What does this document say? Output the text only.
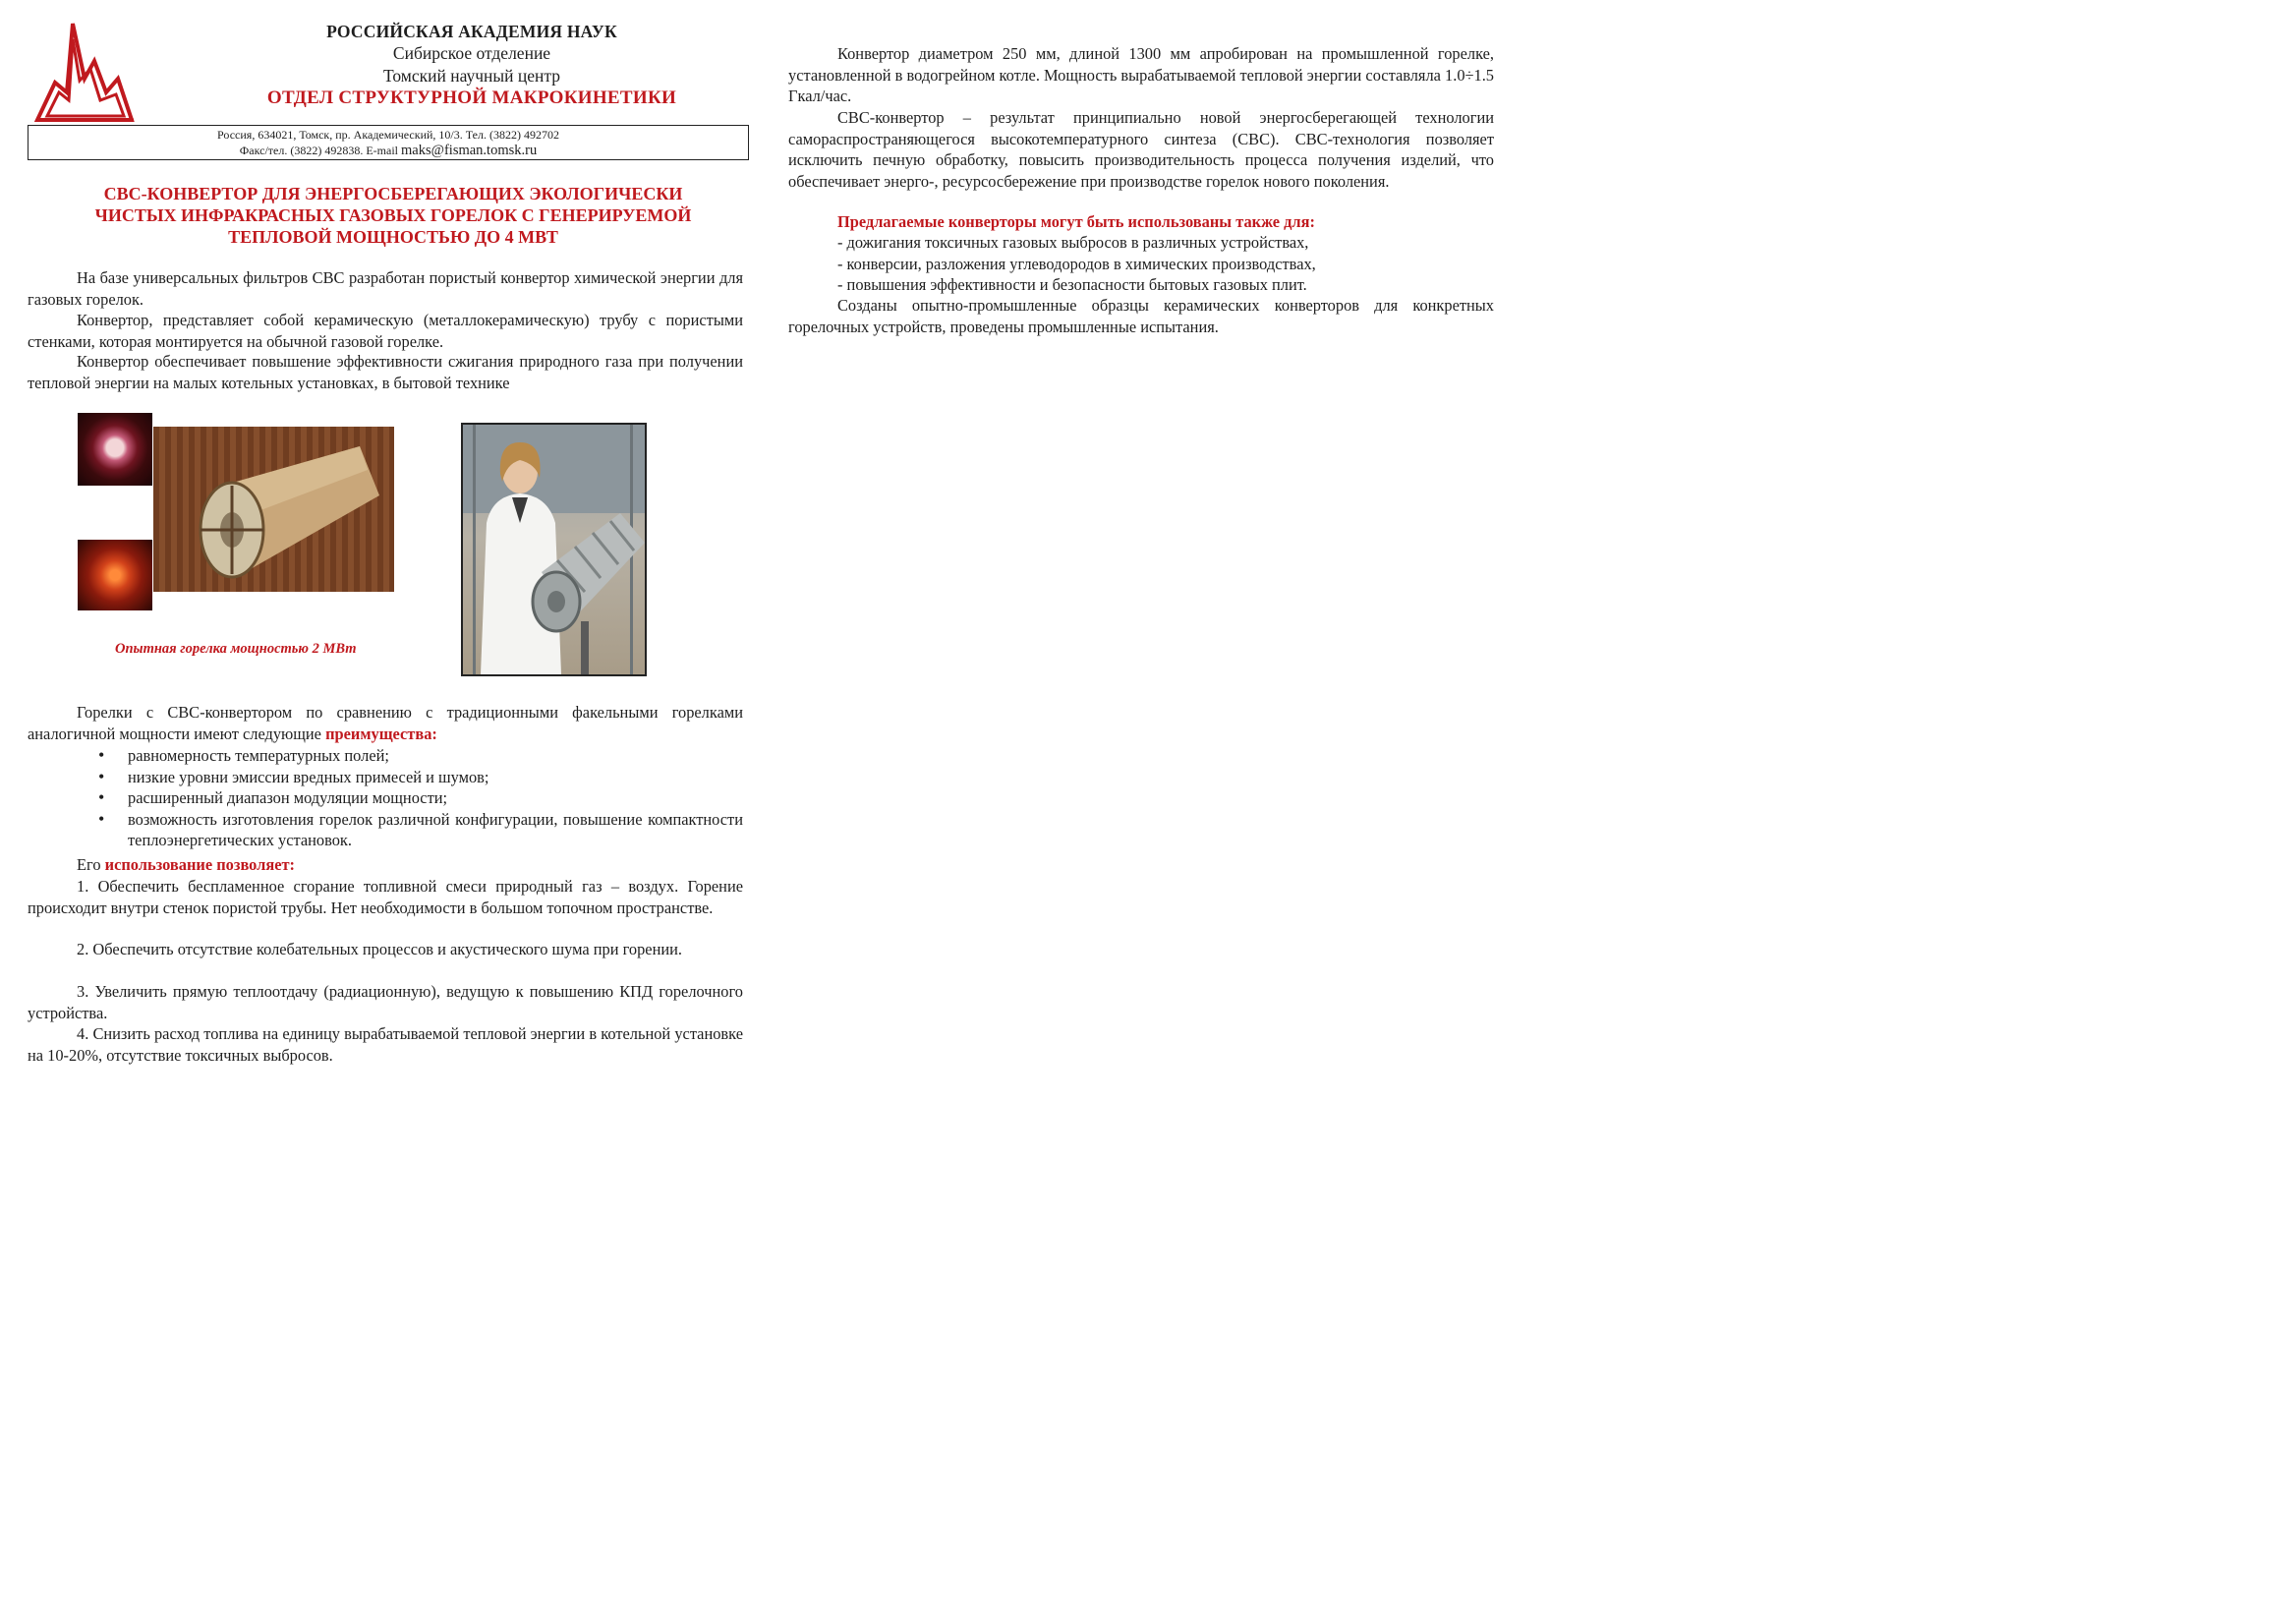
РОССИЙСКАЯ АКАДЕМИЯ НАУК
Сибирское отделение
Томский научный центр
ОТДЕЛ СТРУКТУРНОЙ МАКРОКИНЕТИКИ
Россия, 634021, Томск, пр. Академический, 10/3. Тел. (3822) 492702
Факс/тел. (3822) 492838. E-mail maks@fisman.tomsk.ru
СВС-КОНВЕРТОР ДЛЯ ЭНЕРГОСБЕРЕГАЮЩИХ ЭКОЛОГИЧЕСКИ
ЧИСТЫХ ИНФРАКРАСНЫХ ГАЗОВЫХ ГОРЕЛОК С ГЕНЕРИРУЕМОЙ
ТЕПЛОВОЙ МОЩНОСТЬЮ ДО 4 МВТ

На базе универсальных фильтров СВС разработан пористый конвертор химической энергии для газовых горелок.

Конвертор, представляет собой керамическую (металлокерамическую) трубу с пористыми стенками, которая монтируется на обычной газовой горелке.

Конвертор обеспечивает повышение эффективности сжигания природного газа при получении тепловой энергии на малых котельных установках, в бытовой технике

Опытная горелка мощностью 2 МВт

Горелки с СВС-конвертором по сравнению с традиционными факельными горелками аналогичной мощности имеют следующие преимущества:

• равномерность температурных полей;
• низкие уровни эмиссии вредных примесей и шумов;
• расширенный диапазон модуляции мощности;
• возможность изготовления горелок различной конфигурации, повышение компактности теплоэнергетических установок.

Его использование позволяет:

1. Обеспечить беспламенное сгорание топливной смеси природный газ – воздух. Горение происходит внутри стенок пористой трубы. Нет необходимости в большом топочном пространстве.

2. Обеспечить отсутствие колебательных процессов и акустического шума при горении.

3. Увеличить прямую теплоотдачу (радиационную), ведущую к повышению КПД горелочного устройства.

4. Снизить расход топлива на единицу вырабатываемой тепловой энергии в котельной установке на 10-20%, отсутствие токсичных выбросов.

Конвертор диаметром 250 мм, длиной 1300 мм апробирован на промышленной горелке, установленной в водогрейном котле. Мощность вырабатываемой тепловой энергии составляла 1.0÷1.5 Гкал/час.

СВС-конвертор – результат принципиально новой энергосберегающей технологии самораспространяющегося высокотемпературного синтеза (СВС). СВС-технология позволяет исключить печную обработку, повысить производительность процесса получения изделий, что обеспечивает энерго-, ресурсосбережение при производстве горелок нового поколения.

Предлагаемые конверторы могут быть использованы также для:
- дожигания токсичных газовых выбросов в различных устройствах,
- конверсии, разложения углеводородов в химических производствах,
- повышения эффективности и безопасности бытовых газовых плит.

Созданы опытно-промышленные образцы керамических конверторов для конкретных горелочных устройств, проведены промышленные испытания.
